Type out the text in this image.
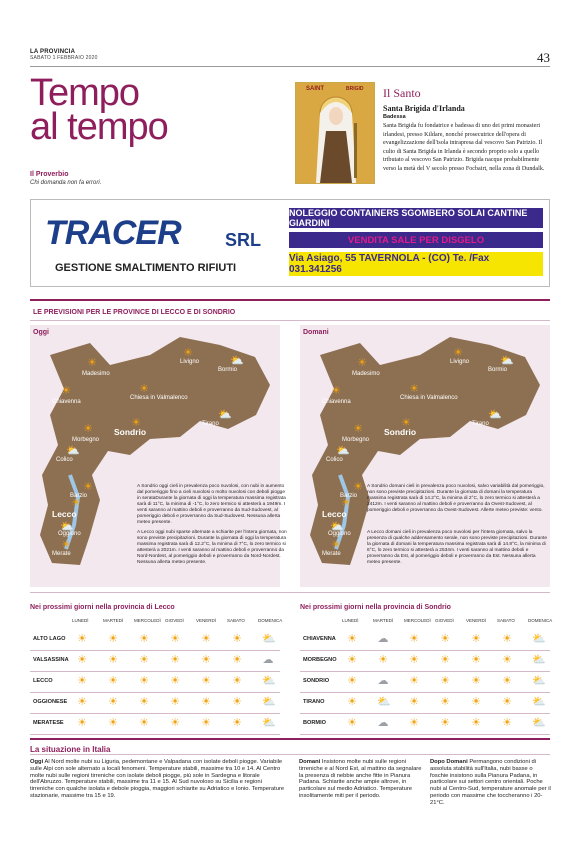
LA PROVINCIA
SABATO 1 FEBBRAIO 2020	43
Tempo
al tempo
Il Proverbio
Chi domanda non fa errori.
SAINT	BRIGID Il Santo
Santa Brigida d'Irlanda
Badessa
Santa Brigida fu fondatrice e badessa di uno dei primi monasteri irlandesi, presso Kildare, nonché prosecutrice dell'opera di evangelizzazione dell'isola intrapresa dal vescovo San Patrizio. Il culto di Santa Brigida in Irlanda è secondo proprio solo a quello tributato al vescovo San Patrizio. Brigida nacque probabilmente verso la metà del V secolo presso Focbairt, nella zona di Dundalk.
TRACER SRL
GESTIONE SMALTIMENTO RIFIUTI
NOLEGGIO CONTAINERS SGOMBERO SOLAI CANTINE GIARDINI
VENDITA SALE PER DISGELO
Via Asiago, 55 TAVERNOLA - (CO) Te. /Fax 031.341256
LE PREVISIONI PER LE PROVINCE DI LECCO E DI SONDRIO
Oggi
Livigno
☀
Madesimo
☀
Bormio
⛅
Chiavenna
☀
Chiesa in Valmalenco
☀
Tirano
⛅
Morbegno
☀ Sondrio
☀
Colico
⛅
Barzio
☀
Lecco
☀
Oggiono
⛅
Merate
☀
Domani
Livigno
☀
Madesimo
☀
Bormio
⛅
Chiavenna
☀
Chiesa in Valmalenco
☀
Tirano
⛅
Morbegno
☀ Sondrio
☀
Colico
⛅
Barzio
☀
Lecco
☀
Oggiono
⛅
Merate
☀
A Sondrio oggi cieli in prevalenza poco nuvolosi, con nubi in aumento dal pomeriggio fino a cieli nuvolosi o molto nuvolosi con deboli piogge in serataDurante la giornata di oggi la temperatura massima registrata sarà di 11°C, la minima di -1°C, lo zero termico si attesterà a 1949m. I venti saranno al mattino deboli e proverranno da Sud-Sudovest, al pomeriggio deboli e proverranno da Sud-Sudovest. Nessuna allerta meteo presente.
A Lecco oggi nubi sparse alternate a schiarite per l'intera giornata, non sono previste precipitazioni. Durante la giornata di oggi la temperatura massima registrata sarà di 12.2°C, la minima di 7°C, lo zero termico si attesterà a 2021m. I venti saranno al mattino deboli e proverranno da Nord-Nordest, al pomeriggio deboli e proverranno da Nord-Nordest. Nessuna allerta meteo presente.
A Sondrio domani cieli in prevalenza poco nuvolosi, salvo variabilità dal pomeriggio, non sono previste precipitazioni. Durante la giornata di domani la temperatura massima registrata sarà di 14.2°C, la minima di 2°C, lo zero termico si attesterà a 2412m. I venti saranno al mattino deboli e proverranno da Ovest-Sudovest, al pomeriggio deboli e proverranno da Ovest-Sudovest. Allerte meteo previste: vento.
A Lecco domani cieli in prevalenza poco nuvolosi per l'intera giornata, salvo la presenza di qualche addensamento serale, non sono previste precipitazioni. Durante la giornata di domani la temperatura massima registrata sarà di 14.8°C, la minima di 6°C, lo zero termico si attesterà a 2534m. I venti saranno al mattino deboli e proverranno da Est, al pomeriggio deboli e proverranno da Est. Nessuna allerta meteo presente.
Nei prossimi giorni nella provincia di Lecco	Nei prossimi giorni nella provincia di Sondrio
LUNEDÌ	MARTEDÌ MERCOLEDÌ GIOVEDÌ	VENERDÌ SABATO	DOMENICA
ALTO LAGO ☀ ☀ ☀ ☀ ☀ ☀ ⛅
VALSASSINA ☀ ☀ ☀ ☀ ☀ ☀ ☁
LECCO ☀ ☀ ☀ ☀ ☀ ☀ ⛅
OGGIONESE ☀ ☀ ☀ ☀ ☀ ☀ ⛅
MERATESE ☀ ☀ ☀ ☀ ☀ ☀ ⛅
LUNEDÌ	MARTEDÌ MERCOLEDÌ GIOVEDÌ	VENERDÌ SABATO	DOMENICA
CHIAVENNA ☀ ☁ ☀ ☀ ☀ ☀ ⛅
MORBEGNO ☀ ☀ ☀ ☀ ☀ ☀ ⛅
SONDRIO ☀ ☁ ☀ ☀ ☀ ☀ ⛅
TIRANO ☀ ⛅ ☀ ☀ ☀ ☀ ⛅
BORMIO ☀ ☁ ☀ ☀ ☀ ☀ ⛅
La situazione in Italia
Oggi Al Nord molte nubi su Liguria, pedemontane e Valpadana con isolate deboli piogge. Variabile sulle Alpi con sole alternato a locali fenomeni. Temperature stabili, massime tra 10 e 14. Al Centro molte nubi sulle regioni tirreniche con isolate deboli piogge, più sole in Sardegna e litorale dell'Abruzzo. Temperature stabili, massime tra 11 e 15. Al Sud nuvoloso su Sicilia e regioni tirreniche con qualche isolata e debole pioggia, maggiori schiarite su Adriatico e Ionio. Temperature stazionarie, massime tra 15 e 19.
Domani Insistono molte nubi sulle regioni tirreniche e al Nord Est, al mattino da segnalare la presenza di nebbie anche fitte in Pianura Padana. Schiarite anche ampie altrove, in particolare sul medio Adriatico. Temperature insolitamente miti per il periodo.
Dopo Domani Permangono condizioni di assoluta stabilità sull'Italia, nubi basse o foschie insistono sulla Pianura Padana, in particolare sui settori centro orientali. Poche nubi al Centro-Sud, temperature anomale per il periodo con massime che toccheranno i 20-21°C.
